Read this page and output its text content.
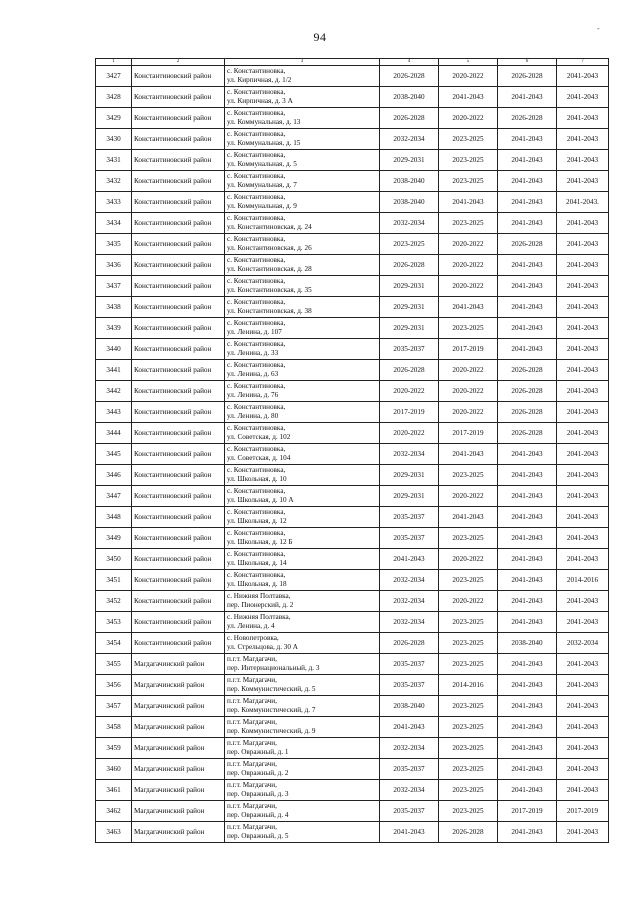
94
-
1	2	3	4	5	6	7
3427	Константиновский район	с. Константиновка,
ул. Кирпичная, д. 1/2	2026-2028	2020-2022	2026-2028	2041-2043
3428	Константиновский район	с. Константиновка,
ул. Кирпичная, д. 3 А	2038-2040	2041-2043	2041-2043	2041-2043
3429	Константиновский район	с. Константиновка,
ул. Коммунальная, д. 13	2026-2028	2020-2022	2026-2028	2041-2043
3430	Константиновский район	с. Константиновка,
ул. Коммунальная, д. 15	2032-2034	2023-2025	2041-2043	2041-2043
3431	Константиновский район	с. Константиновка,
ул. Коммунальная, д. 5	2029-2031	2023-2025	2041-2043	2041-2043
3432	Константиновский район	с. Константиновка,
ул. Коммунальная, д. 7	2038-2040	2023-2025	2041-2043	2041-2043
3433	Константиновский район	с. Константиновка,
ул. Коммунальная, д. 9	2038-2040	2041-2043	2041-2043	2041-2043.
3434	Константиновский район	с. Константиновка,
ул. Константиновская, д. 24	2032-2034	2023-2025	2041-2043	2041-2043
3435	Константиновский район	с. Константиновка,
ул. Константиновская, д. 26	2023-2025	2020-2022	2026-2028	2041-2043
3436	Константиновский район	с. Константиновка,
ул. Константиновская, д. 28	2026-2028	2020-2022	2041-2043	2041-2043
3437	Константиновский район	с. Константиновка,
ул. Константиновская, д. 35	2029-2031	2020-2022	2041-2043	2041-2043
3438	Константиновский район	с. Константиновка,
ул. Константиновская, д. 38	2029-2031	2041-2043	2041-2043	2041-2043
3439	Константиновский район	с. Константиновка,
ул. Ленина, д. 107	2029-2031	2023-2025	2041-2043	2041-2043
3440	Константиновский район	с. Константиновка,
ул. Ленина, д. 33	2035-2037	2017-2019	2041-2043	2041-2043
3441	Константиновский район	с. Константиновка,
ул. Ленина, д. 63	2026-2028	2020-2022	2026-2028	2041-2043
3442	Константиновский район	с. Константиновка,
ул. Ленина, д. 76	2020-2022	2020-2022	2026-2028	2041-2043
3443	Константиновский район	с. Константиновка,
ул. Ленина, д. 80	2017-2019	2020-2022	2026-2028	2041-2043
3444	Константиновский район	с. Константиновка,
ул. Советская, д. 102	2020-2022	2017-2019	2026-2028	2041-2043
3445	Константиновский район	с. Константиновка,
ул. Советская, д. 104	2032-2034	2041-2043	2041-2043	2041-2043
3446	Константиновский район	с. Константиновка,
ул. Школьная, д. 10	2029-2031	2023-2025	2041-2043	2041-2043
3447	Константиновский район	с. Константиновка,
ул. Школьная, д. 10 А	2029-2031	2020-2022	2041-2043	2041-2043
3448	Константиновский район	с. Константиновка,
ул. Школьная, д. 12	2035-2037	2041-2043	2041-2043	2041-2043
3449	Константиновский район	с. Константиновка,
ул. Школьная, д. 12 Б	2035-2037	2023-2025	2041-2043	2041-2043
3450	Константиновский район	с. Константиновка,
ул. Школьная, д. 14	2041-2043	2020-2022	2041-2043	2041-2043
3451	Константиновский район	с. Константиновка,
ул. Школьная, д. 18	2032-2034	2023-2025	2041-2043	2014-2016
3452	Константиновский район	с. Нижняя Полтавка,
пер. Пионерский, д. 2	2032-2034	2020-2022	2041-2043	2041-2043
3453	Константиновский район	с. Нижняя Полтавка,
ул. Ленина, д. 4	2032-2034	2023-2025	2041-2043	2041-2043
3454	Константиновский район	с. Новопетровка,
ул. Стрельцова, д. 30 А	2026-2028	2023-2025	2038-2040	2032-2034
3455	Магдагачинский район	п.г.т. Магдагачи,
пер. Интернациональный, д. 3	2035-2037	2023-2025	2041-2043	2041-2043
3456	Магдагачинский район	п.г.т. Магдагачи,
пер. Коммунистический, д. 5	2035-2037	2014-2016	2041-2043	2041-2043
3457	Магдагачинский район	п.г.т. Магдагачи,
пер. Коммунистический, д. 7	2038-2040	2023-2025	2041-2043	2041-2043
3458	Магдагачинский район	п.г.т. Магдагачи,
пер. Коммунистический, д. 9	2041-2043	2023-2025	2041-2043	2041-2043
3459	Магдагачинский район	п.г.т. Магдагачи,
пер. Овражный, д. 1	2032-2034	2023-2025	2041-2043	2041-2043
3460	Магдагачинский район	п.г.т. Магдагачи,
пер. Овражный, д. 2	2035-2037	2023-2025	2041-2043	2041-2043
3461	Магдагачинский район	п.г.т. Магдагачи,
пер. Овражный, д. 3	2032-2034	2023-2025	2041-2043	2041-2043
3462	Магдагачинский район	п.г.т. Магдагачи,
пер. Овражный, д. 4	2035-2037	2023-2025	2017-2019	2017-2019
3463	Магдагачинский район	п.г.т. Магдагачи,
пер. Овражный, д. 5	2041-2043	2026-2028	2041-2043	2041-2043
